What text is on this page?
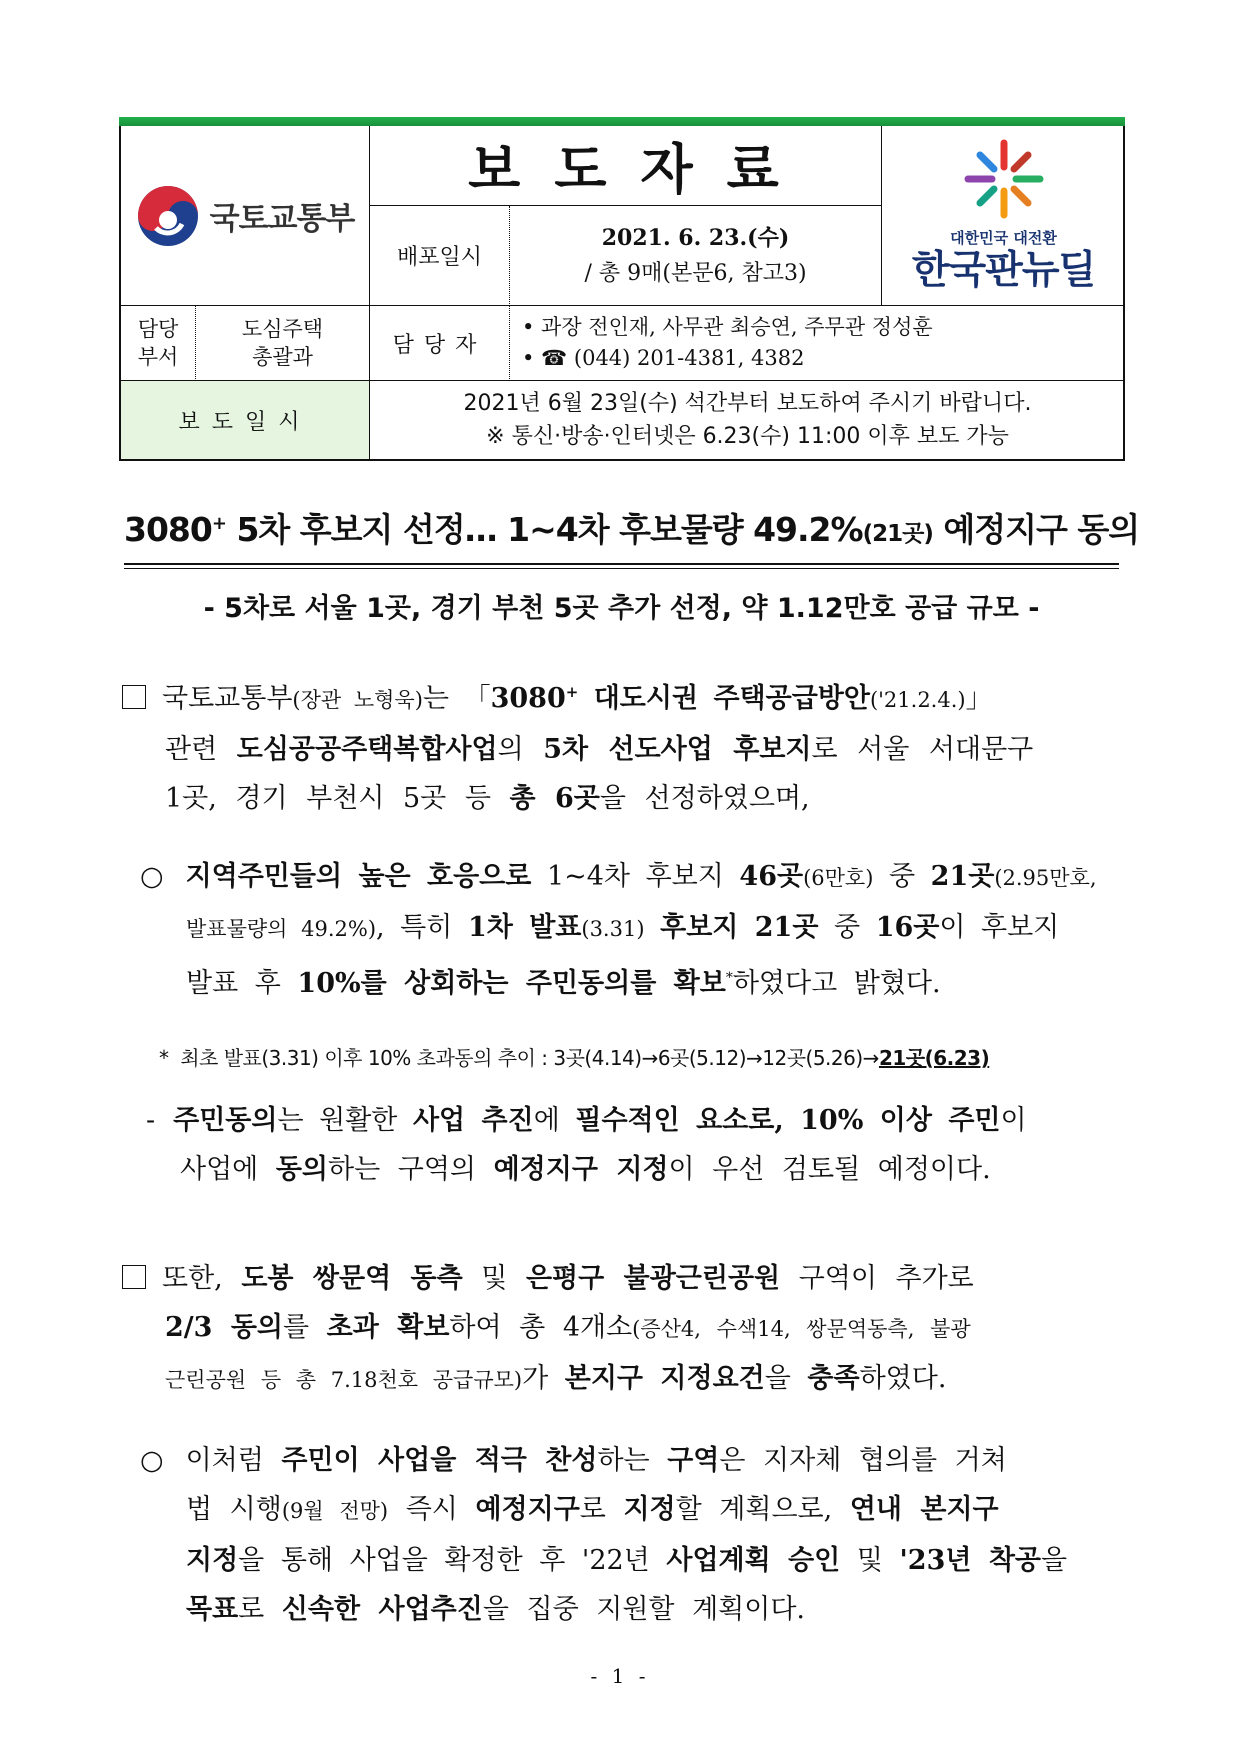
국토교통부
보도자료
배포일시
2021. 6. 23.(수)
/ 총 9매(본문6, 참고3)
대한민국 대전환
한국판뉴딜
담당
부서
도심주택
총괄과	담당자
• 과장 전인재, 사무관 최승연, 주무관 정성훈
• ☎ (044) 201-4381, 4382
보도일시
2021년 6월 23일(수) 석간부터 보도하여 주시기 바랍니다.
※ 통신·방송·인터넷은 6.23(수) 11:00 이후 보도 가능
3080+ 5차 후보지 선정… 1~4차 후보물량 49.2%(21곳) 예정지구 동의
- 5차로 서울 1곳, 경기 부천 5곳 추가 선정, 약 1.12만호 공급 규모 -
국토교통부(장관 노형욱)는 「3080+ 대도시권 주택공급방안('21.2.4.)」
관련 도심공공주택복합사업의 5차 선도사업 후보지로 서울 서대문구
1곳, 경기 부천시 5곳 등 총 6곳을 선정하였으며,
○ 지역주민들의 높은 호응으로 1~4차 후보지 46곳(6만호) 중 21곳(2.95만호,
발표물량의 49.2%), 특히 1차 발표(3.31) 후보지 21곳 중 16곳이 후보지
발표 후 10%를 상회하는 주민동의를 확보*하였다고 밝혔다.
*  최초 발표(3.31) 이후 10% 초과동의 추이 : 3곳(4.14)→6곳(5.12)→12곳(5.26)→21곳(6.23)
- 주민동의는 원활한 사업 추진에 필수적인 요소로, 10% 이상 주민이
사업에 동의하는 구역의 예정지구 지정이 우선 검토될 예정이다.
또한, 도봉 쌍문역 동측 및 은평구 불광근린공원 구역이 추가로
2/3 동의를 초과 확보하여 총 4개소(증산4, 수색14, 쌍문역동측, 불광
근린공원 등 총 7.18천호 공급규모)가 본지구 지정요건을 충족하였다.
○ 이처럼 주민이 사업을 적극 찬성하는 구역은 지자체 협의를 거쳐
법 시행(9월 전망) 즉시 예정지구로 지정할 계획으로, 연내 본지구
지정을 통해 사업을 확정한 후 '22년 사업계획 승인 및 '23년 착공을
목표로 신속한 사업추진을 집중 지원할 계획이다.
- 1 -
